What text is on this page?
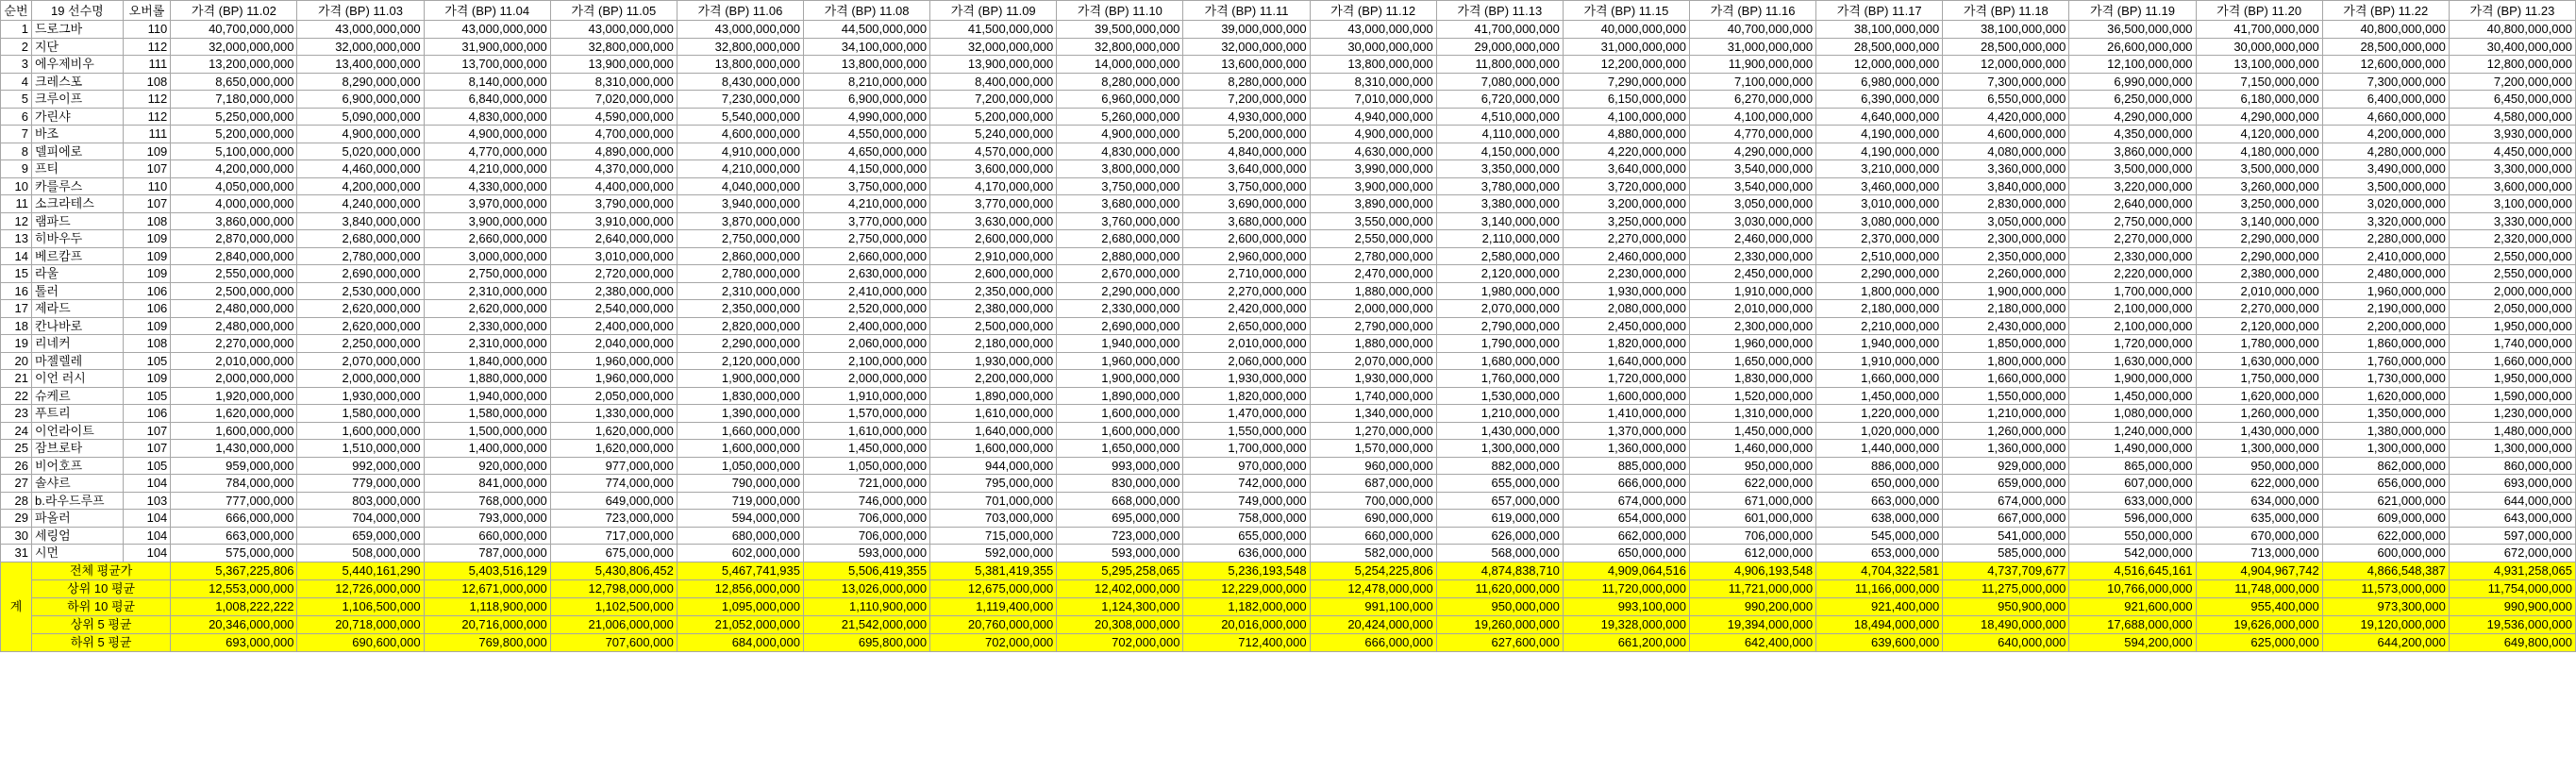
순번	19 선수명	오버롤	가격 (BP) 11.02	가격 (BP) 11.03	가격 (BP) 11.04	가격 (BP) 11.05	가격 (BP) 11.06	가격 (BP) 11.08	가격 (BP) 11.09	가격 (BP) 11.10	가격 (BP) 11.11	가격 (BP) 11.12	가격 (BP) 11.13	가격 (BP) 11.15	가격 (BP) 11.16	가격 (BP) 11.17	가격 (BP) 11.18	가격 (BP) 11.19	가격 (BP) 11.20	가격 (BP) 11.22	가격 (BP) 11.23
1	드로그바	110	40,700,000,000	43,000,000,000	43,000,000,000	43,000,000,000	43,000,000,000	44,500,000,000	41,500,000,000	39,500,000,000	39,000,000,000	43,000,000,000	41,700,000,000	40,000,000,000	40,700,000,000	38,100,000,000	38,100,000,000	36,500,000,000	41,700,000,000	40,800,000,000	40,800,000,000
2	지단	112	32,000,000,000	32,000,000,000	31,900,000,000	32,800,000,000	32,800,000,000	34,100,000,000	32,000,000,000	32,800,000,000	32,000,000,000	30,000,000,000	29,000,000,000	31,000,000,000	31,000,000,000	28,500,000,000	28,500,000,000	26,600,000,000	30,000,000,000	28,500,000,000	30,400,000,000
3	에우제비우	111	13,200,000,000	13,400,000,000	13,700,000,000	13,900,000,000	13,800,000,000	13,800,000,000	13,900,000,000	14,000,000,000	13,600,000,000	13,800,000,000	11,800,000,000	12,200,000,000	11,900,000,000	12,000,000,000	12,000,000,000	12,100,000,000	13,100,000,000	12,600,000,000	12,800,000,000
4	크레스포	108	8,650,000,000	8,290,000,000	8,140,000,000	8,310,000,000	8,430,000,000	8,210,000,000	8,400,000,000	8,280,000,000	8,280,000,000	8,310,000,000	7,080,000,000	7,290,000,000	7,100,000,000	6,980,000,000	7,300,000,000	6,990,000,000	7,150,000,000	7,300,000,000	7,200,000,000
5	크루이프	112	7,180,000,000	6,900,000,000	6,840,000,000	7,020,000,000	7,230,000,000	6,900,000,000	7,200,000,000	6,960,000,000	7,200,000,000	7,010,000,000	6,720,000,000	6,150,000,000	6,270,000,000	6,390,000,000	6,550,000,000	6,250,000,000	6,180,000,000	6,400,000,000	6,450,000,000
6	가린샤	112	5,250,000,000	5,090,000,000	4,830,000,000	4,590,000,000	5,540,000,000	4,990,000,000	5,200,000,000	5,260,000,000	4,930,000,000	4,940,000,000	4,510,000,000	4,100,000,000	4,100,000,000	4,640,000,000	4,420,000,000	4,290,000,000	4,290,000,000	4,660,000,000	4,580,000,000
7	바조	111	5,200,000,000	4,900,000,000	4,900,000,000	4,700,000,000	4,600,000,000	4,550,000,000	5,240,000,000	4,900,000,000	5,200,000,000	4,900,000,000	4,110,000,000	4,880,000,000	4,770,000,000	4,190,000,000	4,600,000,000	4,350,000,000	4,120,000,000	4,200,000,000	3,930,000,000
8	델피에로	109	5,100,000,000	5,020,000,000	4,770,000,000	4,890,000,000	4,910,000,000	4,650,000,000	4,570,000,000	4,830,000,000	4,840,000,000	4,630,000,000	4,150,000,000	4,220,000,000	4,290,000,000	4,190,000,000	4,080,000,000	3,860,000,000	4,180,000,000	4,280,000,000	4,450,000,000
9	프티	107	4,200,000,000	4,460,000,000	4,210,000,000	4,370,000,000	4,210,000,000	4,150,000,000	3,600,000,000	3,800,000,000	3,640,000,000	3,990,000,000	3,350,000,000	3,640,000,000	3,540,000,000	3,210,000,000	3,360,000,000	3,500,000,000	3,500,000,000	3,490,000,000	3,300,000,000
10	카를루스	110	4,050,000,000	4,200,000,000	4,330,000,000	4,400,000,000	4,040,000,000	3,750,000,000	4,170,000,000	3,750,000,000	3,750,000,000	3,900,000,000	3,780,000,000	3,720,000,000	3,540,000,000	3,460,000,000	3,840,000,000	3,220,000,000	3,260,000,000	3,500,000,000	3,600,000,000
11	소크라테스	107	4,000,000,000	4,240,000,000	3,970,000,000	3,790,000,000	3,940,000,000	4,210,000,000	3,770,000,000	3,680,000,000	3,690,000,000	3,890,000,000	3,380,000,000	3,200,000,000	3,050,000,000	3,010,000,000	2,830,000,000	2,640,000,000	3,250,000,000	3,020,000,000	3,100,000,000
12	램파드	108	3,860,000,000	3,840,000,000	3,900,000,000	3,910,000,000	3,870,000,000	3,770,000,000	3,630,000,000	3,760,000,000	3,680,000,000	3,550,000,000	3,140,000,000	3,250,000,000	3,030,000,000	3,080,000,000	3,050,000,000	2,750,000,000	3,140,000,000	3,320,000,000	3,330,000,000
13	히바우두	109	2,870,000,000	2,680,000,000	2,660,000,000	2,640,000,000	2,750,000,000	2,750,000,000	2,600,000,000	2,680,000,000	2,600,000,000	2,550,000,000	2,110,000,000	2,270,000,000	2,460,000,000	2,370,000,000	2,300,000,000	2,270,000,000	2,290,000,000	2,280,000,000	2,320,000,000
14	베르캄프	109	2,840,000,000	2,780,000,000	3,000,000,000	3,010,000,000	2,860,000,000	2,660,000,000	2,910,000,000	2,880,000,000	2,960,000,000	2,780,000,000	2,580,000,000	2,460,000,000	2,330,000,000	2,510,000,000	2,350,000,000	2,330,000,000	2,290,000,000	2,410,000,000	2,550,000,000
15	라울	109	2,550,000,000	2,690,000,000	2,750,000,000	2,720,000,000	2,780,000,000	2,630,000,000	2,600,000,000	2,670,000,000	2,710,000,000	2,470,000,000	2,120,000,000	2,230,000,000	2,450,000,000	2,290,000,000	2,260,000,000	2,220,000,000	2,380,000,000	2,480,000,000	2,550,000,000
16	톨러	106	2,500,000,000	2,530,000,000	2,310,000,000	2,380,000,000	2,310,000,000	2,410,000,000	2,350,000,000	2,290,000,000	2,270,000,000	1,880,000,000	1,980,000,000	1,930,000,000	1,910,000,000	1,800,000,000	1,900,000,000	1,700,000,000	2,010,000,000	1,960,000,000	2,000,000,000
17	제라드	106	2,480,000,000	2,620,000,000	2,620,000,000	2,540,000,000	2,350,000,000	2,520,000,000	2,380,000,000	2,330,000,000	2,420,000,000	2,000,000,000	2,070,000,000	2,080,000,000	2,010,000,000	2,180,000,000	2,180,000,000	2,100,000,000	2,270,000,000	2,190,000,000	2,050,000,000
18	칸나바로	109	2,480,000,000	2,620,000,000	2,330,000,000	2,400,000,000	2,820,000,000	2,400,000,000	2,500,000,000	2,690,000,000	2,650,000,000	2,790,000,000	2,790,000,000	2,450,000,000	2,300,000,000	2,210,000,000	2,430,000,000	2,100,000,000	2,120,000,000	2,200,000,000	1,950,000,000
19	리네커	108	2,270,000,000	2,250,000,000	2,310,000,000	2,040,000,000	2,290,000,000	2,060,000,000	2,180,000,000	1,940,000,000	2,010,000,000	1,880,000,000	1,790,000,000	1,820,000,000	1,960,000,000	1,940,000,000	1,850,000,000	1,720,000,000	1,780,000,000	1,860,000,000	1,740,000,000
20	마젤렐레	105	2,010,000,000	2,070,000,000	1,840,000,000	1,960,000,000	2,120,000,000	2,100,000,000	1,930,000,000	1,960,000,000	2,060,000,000	2,070,000,000	1,680,000,000	1,640,000,000	1,650,000,000	1,910,000,000	1,800,000,000	1,630,000,000	1,630,000,000	1,760,000,000	1,660,000,000
21	이언 러시	109	2,000,000,000	2,000,000,000	1,880,000,000	1,960,000,000	1,900,000,000	2,000,000,000	2,200,000,000	1,900,000,000	1,930,000,000	1,930,000,000	1,760,000,000	1,720,000,000	1,830,000,000	1,660,000,000	1,660,000,000	1,900,000,000	1,750,000,000	1,730,000,000	1,950,000,000
22	슈케르	105	1,920,000,000	1,930,000,000	1,940,000,000	2,050,000,000	1,830,000,000	1,910,000,000	1,890,000,000	1,890,000,000	1,820,000,000	1,740,000,000	1,530,000,000	1,600,000,000	1,520,000,000	1,450,000,000	1,550,000,000	1,450,000,000	1,620,000,000	1,620,000,000	1,590,000,000
23	푸트리	106	1,620,000,000	1,580,000,000	1,580,000,000	1,330,000,000	1,390,000,000	1,570,000,000	1,610,000,000	1,600,000,000	1,470,000,000	1,340,000,000	1,210,000,000	1,410,000,000	1,310,000,000	1,220,000,000	1,210,000,000	1,080,000,000	1,260,000,000	1,350,000,000	1,230,000,000
24	이언라이트	107	1,600,000,000	1,600,000,000	1,500,000,000	1,620,000,000	1,660,000,000	1,610,000,000	1,640,000,000	1,600,000,000	1,550,000,000	1,270,000,000	1,430,000,000	1,370,000,000	1,450,000,000	1,020,000,000	1,260,000,000	1,240,000,000	1,430,000,000	1,380,000,000	1,480,000,000
25	잠브로타	107	1,430,000,000	1,510,000,000	1,400,000,000	1,620,000,000	1,600,000,000	1,450,000,000	1,600,000,000	1,650,000,000	1,700,000,000	1,570,000,000	1,300,000,000	1,360,000,000	1,460,000,000	1,440,000,000	1,360,000,000	1,490,000,000	1,300,000,000	1,300,000,000	1,300,000,000
26	비어호프	105	959,000,000	992,000,000	920,000,000	977,000,000	1,050,000,000	1,050,000,000	944,000,000	993,000,000	970,000,000	960,000,000	882,000,000	885,000,000	950,000,000	886,000,000	929,000,000	865,000,000	950,000,000	862,000,000	860,000,000
27	솔샤르	104	784,000,000	779,000,000	841,000,000	774,000,000	790,000,000	721,000,000	795,000,000	830,000,000	742,000,000	687,000,000	655,000,000	666,000,000	622,000,000	650,000,000	659,000,000	607,000,000	622,000,000	656,000,000	693,000,000
28	b.라우드루프	103	777,000,000	803,000,000	768,000,000	649,000,000	719,000,000	746,000,000	701,000,000	668,000,000	749,000,000	700,000,000	657,000,000	674,000,000	671,000,000	663,000,000	674,000,000	633,000,000	634,000,000	621,000,000	644,000,000
29	파올러	104	666,000,000	704,000,000	793,000,000	723,000,000	594,000,000	706,000,000	703,000,000	695,000,000	758,000,000	690,000,000	619,000,000	654,000,000	601,000,000	638,000,000	667,000,000	596,000,000	635,000,000	609,000,000	643,000,000
30	세링엄	104	663,000,000	659,000,000	660,000,000	717,000,000	680,000,000	706,000,000	715,000,000	723,000,000	655,000,000	660,000,000	626,000,000	662,000,000	706,000,000	545,000,000	541,000,000	550,000,000	670,000,000	622,000,000	597,000,000
31	시먼	104	575,000,000	508,000,000	787,000,000	675,000,000	602,000,000	593,000,000	592,000,000	593,000,000	636,000,000	582,000,000	568,000,000	650,000,000	612,000,000	653,000,000	585,000,000	542,000,000	713,000,000	600,000,000	672,000,000
계	전체 평균가		5,367,225,806	5,440,161,290	5,403,516,129	5,430,806,452	5,467,741,935	5,506,419,355	5,381,419,355	5,295,258,065	5,236,193,548	5,254,225,806	4,874,838,710	4,909,064,516	4,906,193,548	4,704,322,581	4,737,709,677	4,516,645,161	4,904,967,742	4,866,548,387	4,931,258,065
	상위 10 평균		12,553,000,000	12,726,000,000	12,671,000,000	12,798,000,000	12,856,000,000	13,026,000,000	12,675,000,000	12,402,000,000	12,229,000,000	12,478,000,000	11,620,000,000	11,720,000,000	11,721,000,000	11,166,000,000	11,275,000,000	10,766,000,000	11,748,000,000	11,573,000,000	11,754,000,000
	하위 10 평균		1,008,222,222	1,106,500,000	1,118,900,000	1,102,500,000	1,095,000,000	1,110,900,000	1,119,400,000	1,124,300,000	1,182,000,000	991,100,000	950,000,000	993,100,000	990,200,000	921,400,000	950,900,000	921,600,000	955,400,000	973,300,000	990,900,000
	상위 5 평균		20,346,000,000	20,718,000,000	20,716,000,000	21,006,000,000	21,052,000,000	21,542,000,000	20,760,000,000	20,308,000,000	20,016,000,000	20,424,000,000	19,260,000,000	19,328,000,000	19,394,000,000	18,494,000,000	18,490,000,000	17,688,000,000	19,626,000,000	19,120,000,000	19,536,000,000
	하위 5 평균		693,000,000	690,600,000	769,800,000	707,600,000	684,000,000	695,800,000	702,000,000	702,000,000	712,400,000	666,000,000	627,600,000	661,200,000	642,400,000	639,600,000	640,000,000	594,200,000	625,000,000	644,200,000	649,800,000
